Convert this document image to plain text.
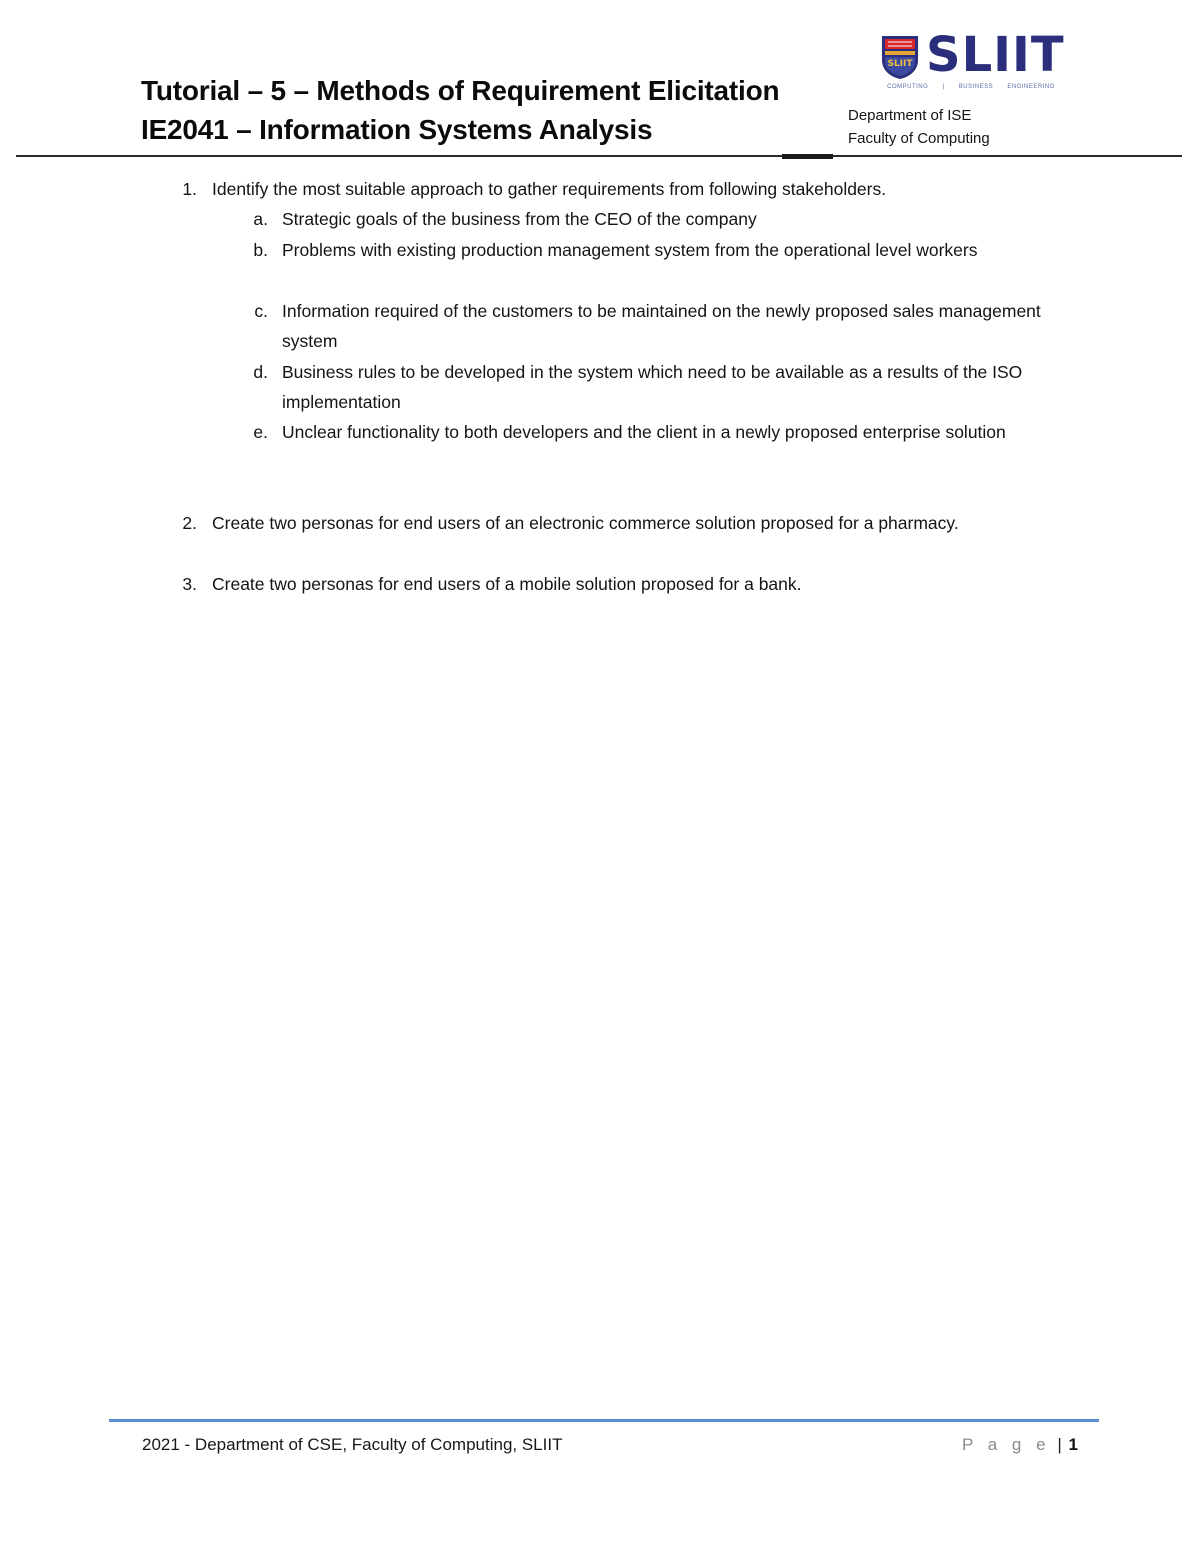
Tutorial – 5 – Methods of Requirement Elicitation
IE2041 – Information Systems Analysis
SLIIT SLIIT
COMPUTING | BUSINESS ENGINEERING
Department of ISE
Faculty of Computing
1. Identify the most suitable approach to gather requirements from following stakeholders.
a. Strategic goals of the business from the CEO of the company
b. Problems with existing production management system from the operational level workers
c. Information required of the customers to be maintained on the newly proposed sales management system
d. Business rules to be developed in the system which need to be available as a results of the ISO implementation
e. Unclear functionality to both developers and the client in a newly proposed enterprise solution
2. Create two personas for end users of an electronic commerce solution proposed for a pharmacy.
3. Create two personas for end users of a mobile solution proposed for a bank.
2021 - Department of CSE, Faculty of Computing, SLIIT	P a g e | 1
